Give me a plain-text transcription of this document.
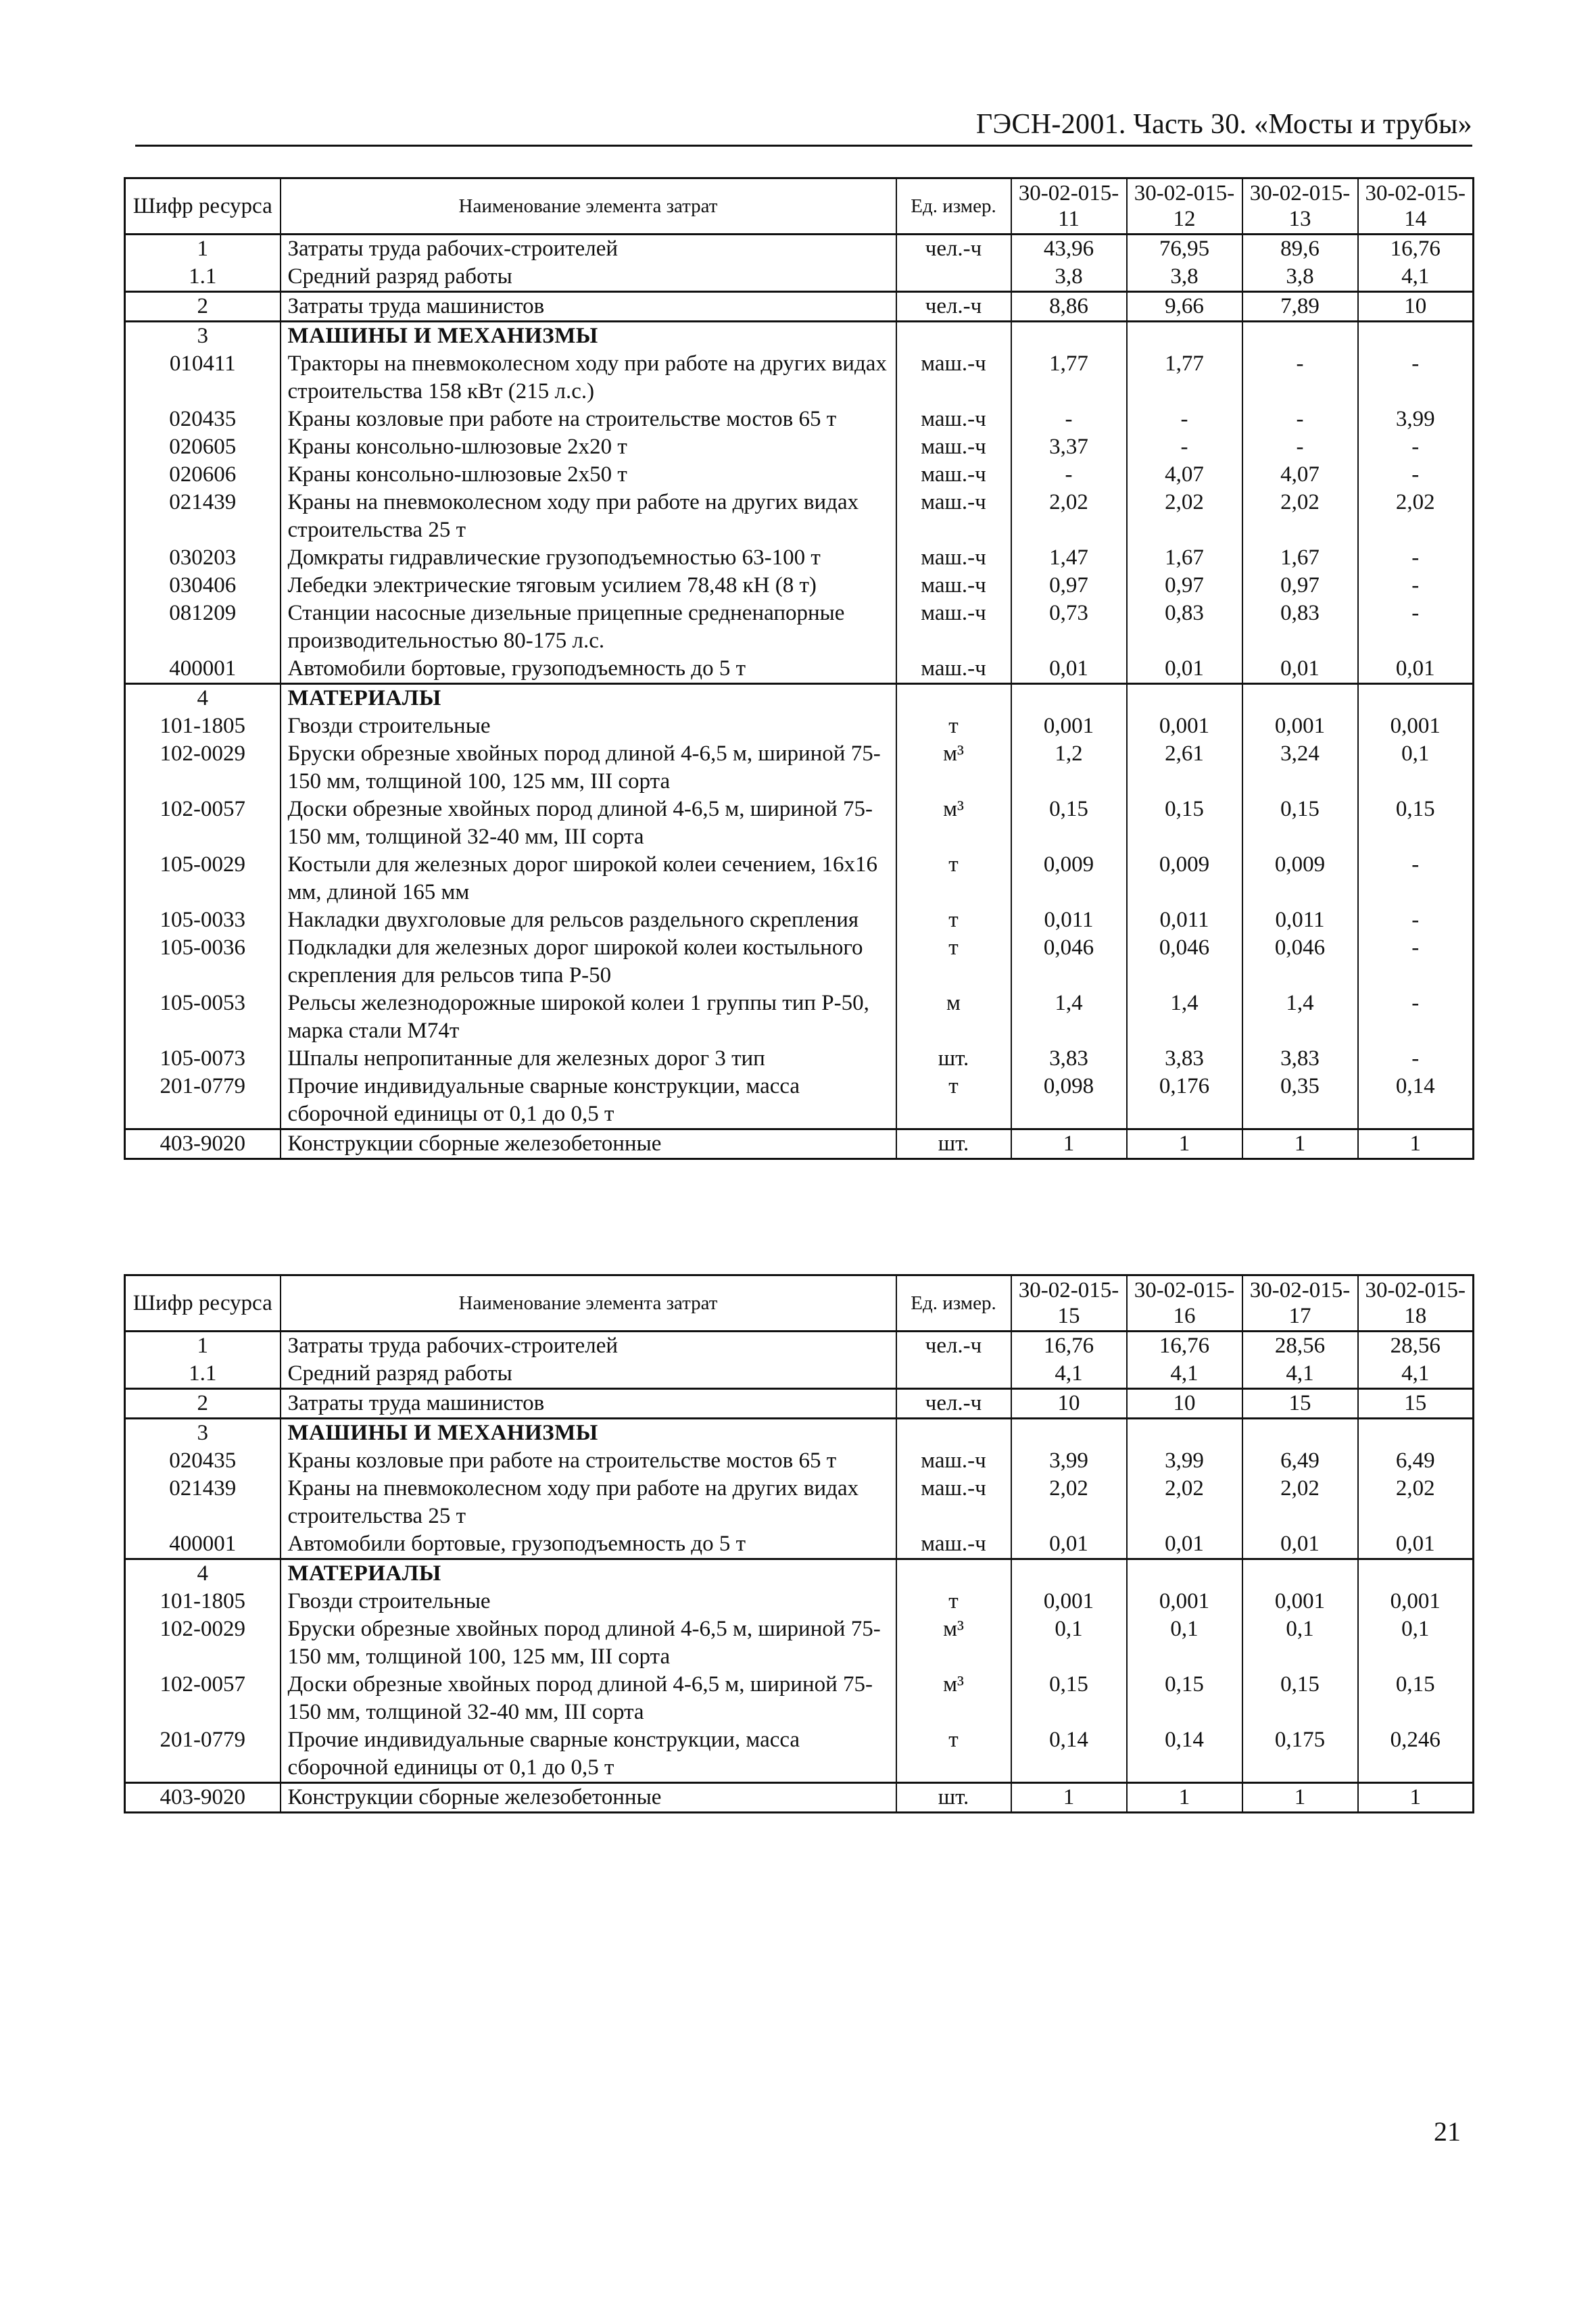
ГЭСН-2001. Часть 30. «Мосты и трубы»
Шифр ресурса	Наименование элемента затрат	Ед. измер.	30-02-015-11	30-02-015-12	30-02-015-13	30-02-015-14
1	Затраты труда рабочих-строителей	чел.-ч	43,96	76,95	89,6	16,76
1.1	Средний разряд работы		3,8	3,8	3,8	4,1
2	Затраты труда машинистов	чел.-ч	8,86	9,66	7,89	10
3	МАШИНЫ И МЕХАНИЗМЫ					
010411	Тракторы на пневмоколесном ходу при работе на других видах строительства 158 кВт (215 л.с.)	маш.-ч	1,77	1,77	-	-
020435	Краны козловые при работе на строительстве мостов 65 т	маш.-ч	-	-	-	3,99
020605	Краны консольно-шлюзовые 2х20 т	маш.-ч	3,37	-	-	-
020606	Краны консольно-шлюзовые 2х50 т	маш.-ч	-	4,07	4,07	-
021439	Краны на пневмоколесном ходу при работе на других видах строительства 25 т	маш.-ч	2,02	2,02	2,02	2,02
030203	Домкраты гидравлические грузоподъемностью 63-100 т	маш.-ч	1,47	1,67	1,67	-
030406	Лебедки электрические тяговым усилием 78,48 кН (8 т)	маш.-ч	0,97	0,97	0,97	-
081209	Станции насосные дизельные прицепные средненапорные производительностью 80-175 л.с.	маш.-ч	0,73	0,83	0,83	-
400001	Автомобили бортовые, грузоподъемность до 5 т	маш.-ч	0,01	0,01	0,01	0,01
4	МАТЕРИАЛЫ					
101-1805	Гвозди строительные	т	0,001	0,001	0,001	0,001
102-0029	Бруски обрезные хвойных пород длиной 4-6,5 м, шириной 75-150 мм, толщиной 100, 125 мм, III сорта	м³	1,2	2,61	3,24	0,1
102-0057	Доски обрезные хвойных пород длиной 4-6,5 м, шириной 75-150 мм, толщиной 32-40 мм, III сорта	м³	0,15	0,15	0,15	0,15
105-0029	Костыли для железных дорог широкой колеи сечением, 16х16 мм, длиной 165 мм	т	0,009	0,009	0,009	-
105-0033	Накладки двухголовые для рельсов раздельного скрепления	т	0,011	0,011	0,011	-
105-0036	Подкладки для железных дорог широкой колеи костыльного скрепления для рельсов типа Р-50	т	0,046	0,046	0,046	-
105-0053	Рельсы железнодорожные широкой колеи 1 группы тип Р-50, марка стали М74т	м	1,4	1,4	1,4	-
105-0073	Шпалы непропитанные для железных дорог 3 тип	шт.	3,83	3,83	3,83	-
201-0779	Прочие индивидуальные сварные конструкции, масса сборочной единицы от 0,1 до 0,5 т	т	0,098	0,176	0,35	0,14
403-9020	Конструкции сборные железобетонные	шт.	1	1	1	1
Шифр ресурса	Наименование элемента затрат	Ед. измер.	30-02-015-15	30-02-015-16	30-02-015-17	30-02-015-18
1	Затраты труда рабочих-строителей	чел.-ч	16,76	16,76	28,56	28,56
1.1	Средний разряд работы		4,1	4,1	4,1	4,1
2	Затраты труда машинистов	чел.-ч	10	10	15	15
3	МАШИНЫ И МЕХАНИЗМЫ					
020435	Краны козловые при работе на строительстве мостов 65 т	маш.-ч	3,99	3,99	6,49	6,49
021439	Краны на пневмоколесном ходу при работе на других видах строительства 25 т	маш.-ч	2,02	2,02	2,02	2,02
400001	Автомобили бортовые, грузоподъемность до 5 т	маш.-ч	0,01	0,01	0,01	0,01
4	МАТЕРИАЛЫ					
101-1805	Гвозди строительные	т	0,001	0,001	0,001	0,001
102-0029	Бруски обрезные хвойных пород длиной 4-6,5 м, шириной 75-150 мм, толщиной 100, 125 мм, III сорта	м³	0,1	0,1	0,1	0,1
102-0057	Доски обрезные хвойных пород длиной 4-6,5 м, шириной 75-150 мм, толщиной 32-40 мм, III сорта	м³	0,15	0,15	0,15	0,15
201-0779	Прочие индивидуальные сварные конструкции, масса сборочной единицы от 0,1 до 0,5 т	т	0,14	0,14	0,175	0,246
403-9020	Конструкции сборные железобетонные	шт.	1	1	1	1
21
